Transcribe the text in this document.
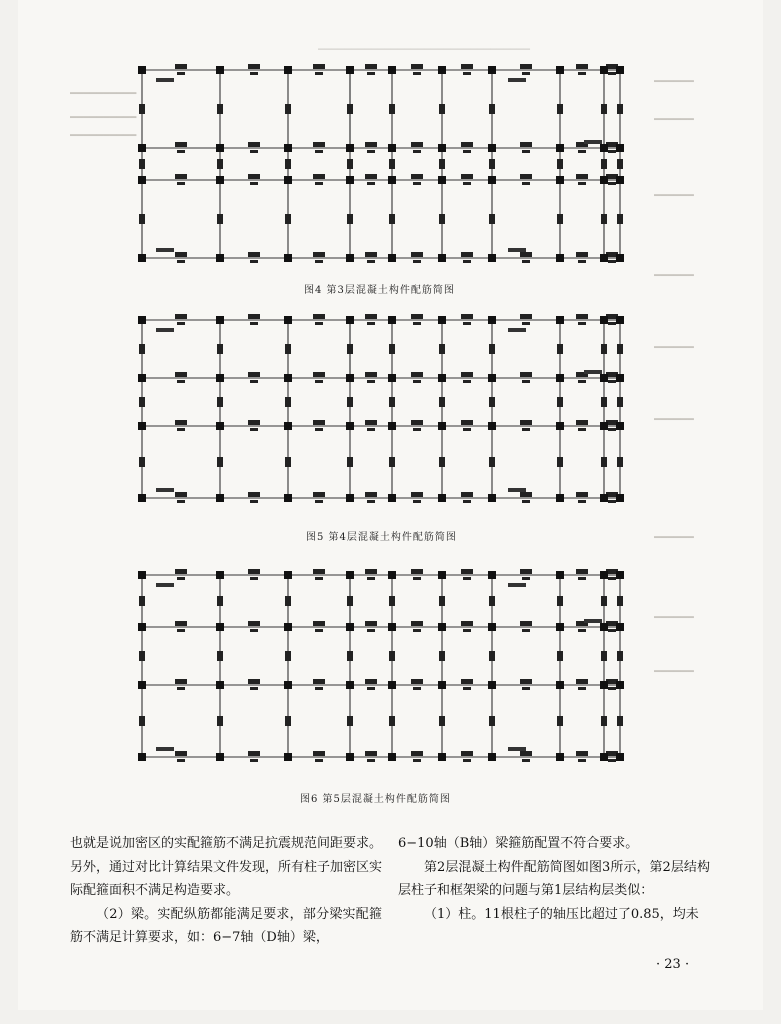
────────────────────────────────
━━━━━━━━━━
━━━━━━━━━━
━━━━━━━━━━
━━━━━━
━━━━━━
━━━━━━
━━━━━━
━━━━━━
━━━━━━
━━━━━━
━━━━━━
━━━━━━
图4 第3层混凝土构件配筋简图
图5 第4层混凝土构件配筋简图
图6 第5层混凝土构件配筋简图

也就是说加密区的实配箍筋不满足抗震规范间距要求。另外，通过对比计算结果文件发现，所有柱子加密区实际配箍面积不满足构造要求。

（2）梁。实配纵筋都能满足要求，部分梁实配箍筋不满足计算要求，如：6−7轴（D轴）梁，

6−10轴（B轴）梁箍筋配置不符合要求。

第2层混凝土构件配筋简图如图3所示，第2层结构层柱子和框架梁的问题与第1层结构层类似：

（1）柱。11根柱子的轴压比超过了0.85，均未

· 23 ·
